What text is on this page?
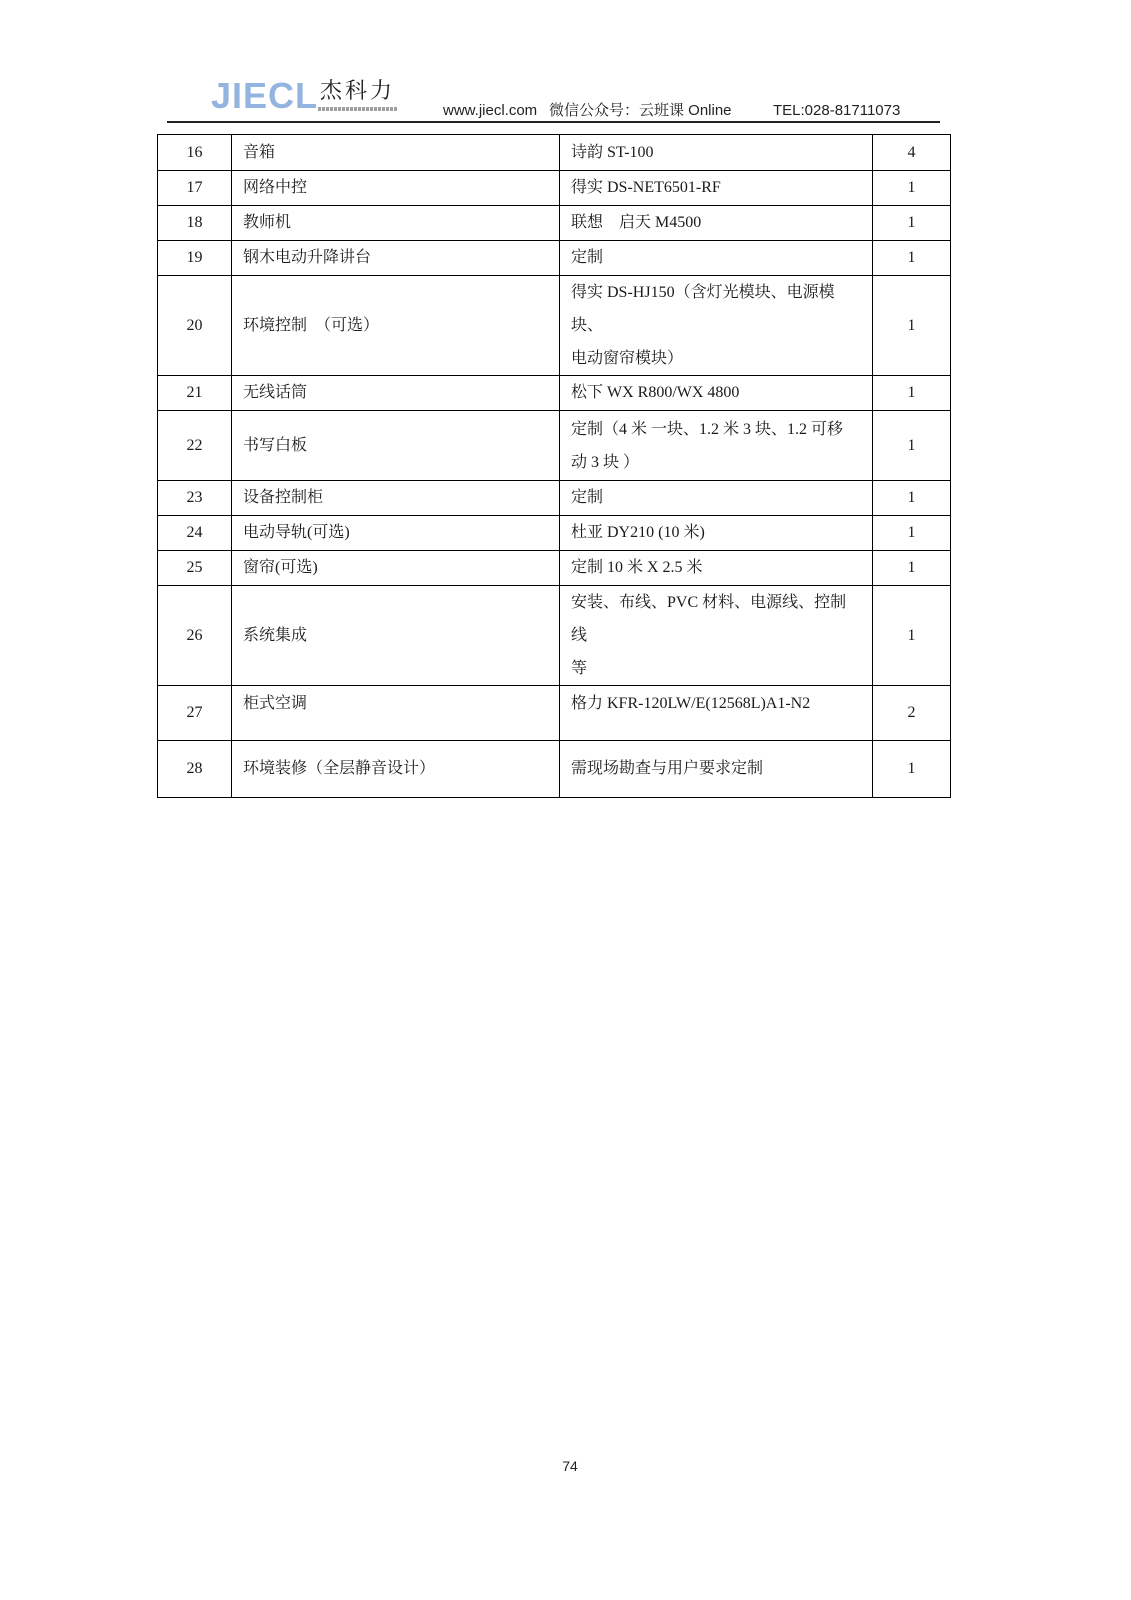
JIECL 杰科力
www.jiecl.com 微信公众号：云班课 Online	TEL:028-81711073
16	音箱	诗韵 ST-100	4
17	网络中控	得实 DS-NET6501-RF	1
18	教师机	联想　启天 M4500	1
19	钢木电动升降讲台	定制	1
20	环境控制　（可选）	得实 DS-HJ150（含灯光模块、电源模块、
电动窗帘模块）	1
21	无线话筒	松下 WX R800/WX 4800	1
22	书写白板	定制（4 米 一块、1.2 米 3 块、1.2 可移
动 3 块 ）	1
23	设备控制柜	定制	1
24	电动导轨(可选)	杜亚 DY210 (10 米)	1
25	窗帘(可选)	定制 10 米 X 2.5 米	1
26	系统集成	安装、布线、PVC 材料、电源线、控制线
等	1
27	柜式空调	格力 KFR-120LW/E(12568L)A1-N2	2
28	环境装修（全层静音设计）	需现场勘查与用户要求定制	1
74
